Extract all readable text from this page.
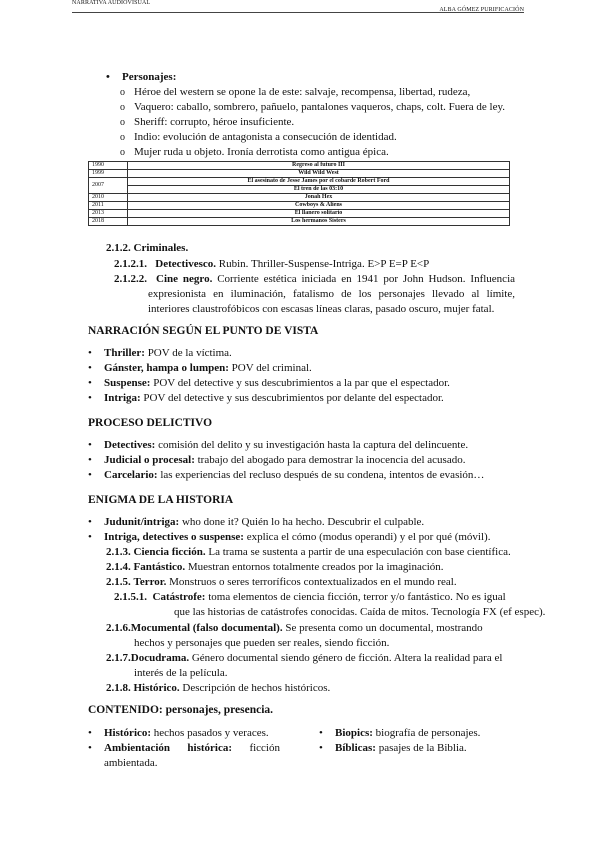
NARRATIVA AUDIOVISUAL
ALBA GÓMEZ PURIFICACIÓN
• Personajes:
o Héroe del western se opone la de este: salvaje, recompensa, libertad, rudeza,
o Vaquero: caballo, sombrero, pañuelo, pantalones vaqueros, chaps, colt. Fuera de ley.
o Sheriff: corrupto, héroe insuficiente.
o Indio: evolución de antagonista a consecución de identidad.
o Mujer ruda u objeto. Ironía derrotista como antigua épica.
1990	Regreso al futuro III
1999	Wild Wild West
2007	El asesinato de Jesse James por el cobarde Robert Ford
	El tren de las 03:10
2010	Jonah Hex
2011	Cowboys & Aliens
2013	El llanero solitario
2018	Los hermanos Sisters
2.1.2. Criminales.
2.1.2.1. Detectivesco. Rubin. Thriller-Suspense-Intriga. E>P E=P E<P
2.1.2.2. Cine negro. Corriente estética iniciada en 1941 por John Hudson. Influencia expresionista en iluminación, fatalismo de los personajes llevado al límite, interiores claustrofóbicos con escasas líneas claras, pasado oscuro, mujer fatal.
NARRACIÓN SEGÚN EL PUNTO DE VISTA
• Thriller: POV de la víctima.
• Gánster, hampa o lumpen: POV del criminal.
• Suspense: POV del detective y sus descubrimientos a la par que el espectador.
• Intriga: POV del detective y sus descubrimientos por delante del espectador.
PROCESO DELICTIVO
• Detectives: comisión del delito y su investigación hasta la captura del delincuente.
• Judicial o procesal: trabajo del abogado para demostrar la inocencia del acusado.
• Carcelario: las experiencias del recluso después de su condena, intentos de evasión…
ENIGMA DE LA HISTORIA
• Judunit/intriga: who done it? Quién lo ha hecho. Descubrir el culpable.
• Intriga, detectives o suspense: explica el cómo (modus operandi) y el por qué (móvil).
2.1.3. Ciencia ficción. La trama se sustenta a partir de una especulación con base científica.
2.1.4. Fantástico. Muestran entornos totalmente creados por la imaginación.
2.1.5. Terror. Monstruos o seres terroríficos contextualizados en el mundo real.
2.1.5.1. Catástrofe: toma elementos de ciencia ficción, terror y/o fantástico. No es igual
que las historias de catástrofes conocidas. Caída de mitos. Tecnología FX (ef espec).
2.1.6.Mocumental (falso documental). Se presenta como un documental, mostrando
hechos y personajes que pueden ser reales, siendo ficción.
2.1.7.Docudrama. Género documental siendo género de ficción. Altera la realidad para el
interés de la película.
2.1.8. Histórico. Descripción de hechos históricos.
CONTENIDO: personajes, presencia.
• Histórico: hechos pasados y veraces.
• Ambientación histórica: ficción ambientada.
• Biopics: biografía de personajes.
• Bíblicas: pasajes de la Biblia.
